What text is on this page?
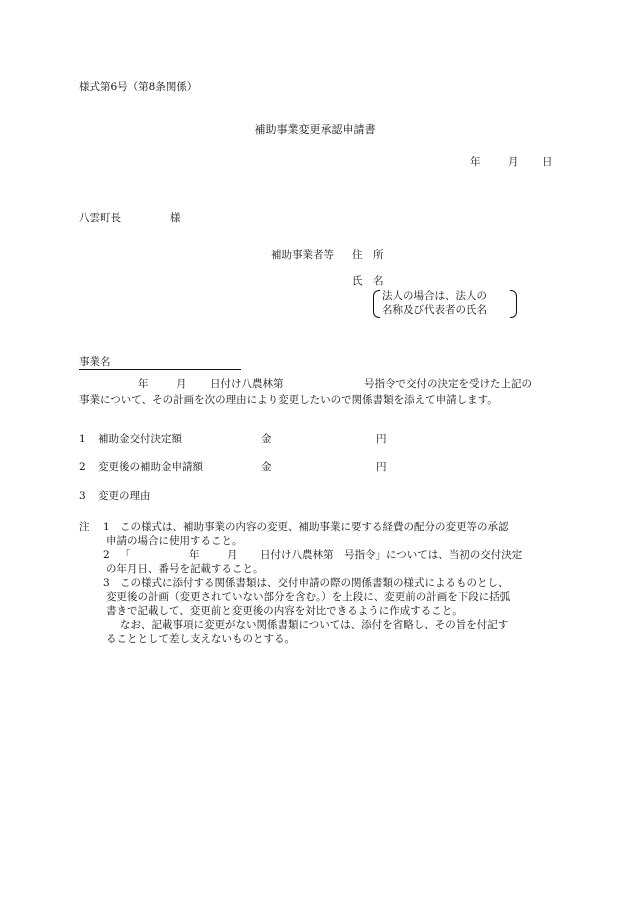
様式第6号（第8条関係）
補助事業変更承認申請書
年	月 日
八雲町長	様
補助事業者等 住　所
氏　名
法人の場合は、法人の
名称及び代表者の氏名
事業名
年	月 日付け八農林第	号指令で交付の決定を受けた上記の
事業について、その計画を次の理由により変更したいので関係書類を添えて申請します。
1 補助金交付決定額	金	円
2 変更後の補助金申請額	金	円
3 変更の理由
注 1 この様式は、補助事業の内容の変更、補助事業に要する経費の配分の変更等の承認
申請の場合に使用すること。
2 「	年	月 日付け八農林第　号指令」については、当初の交付決定
の年月日、番号を記載すること。
3 この様式に添付する関係書類は、交付申請の際の関係書類の様式によるものとし、
変更後の計画（変更されていない部分を含む。）を上段に、変更前の計画を下段に括弧
書きで記載して、変更前と変更後の内容を対比できるように作成すること。
なお、記載事項に変更がない関係書類については、添付を省略し、その旨を付記す
ることとして差し支えないものとする。
